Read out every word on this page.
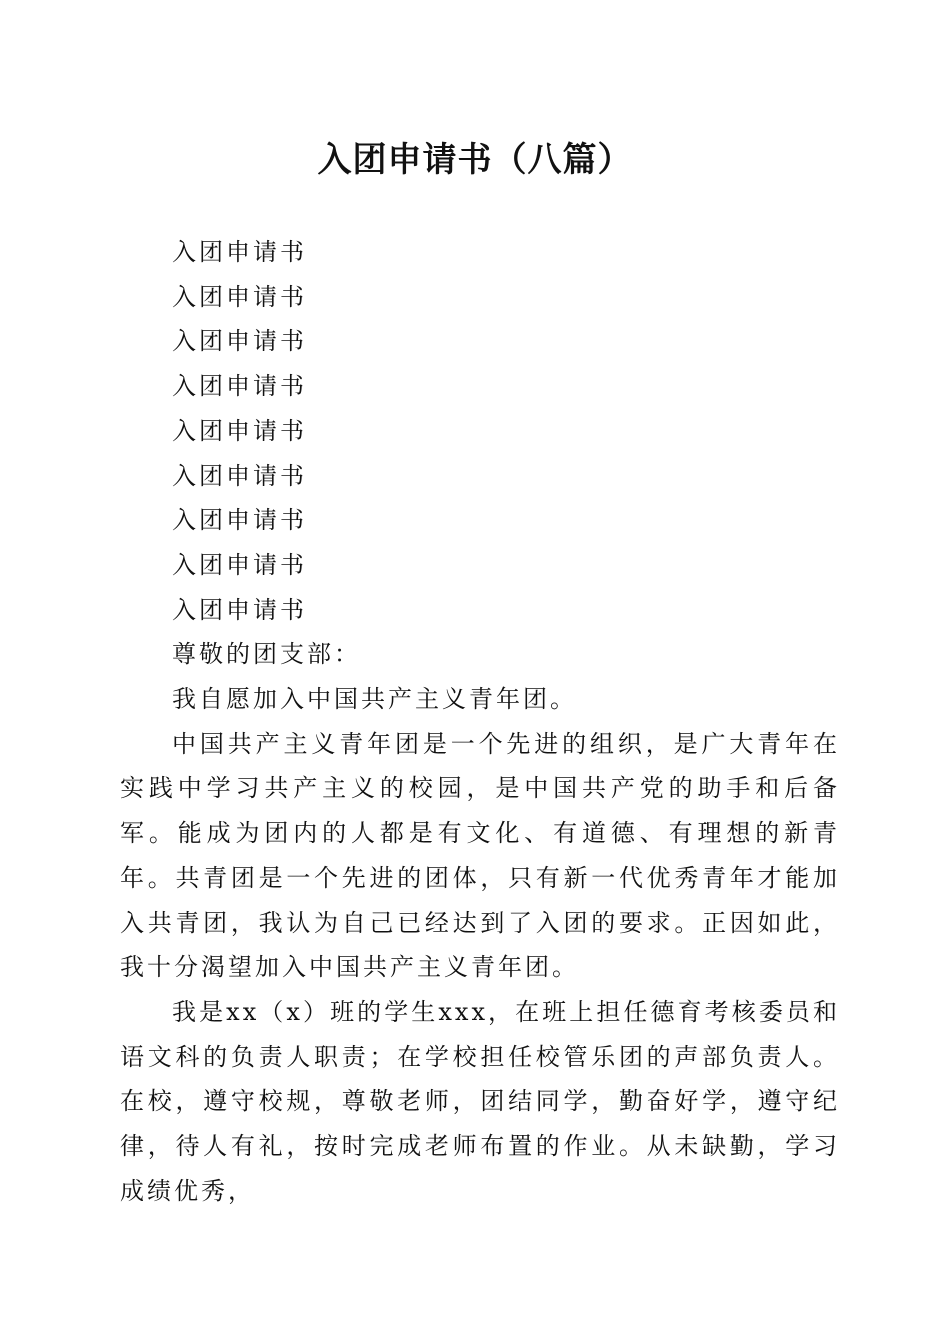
入团申请书（八篇）

入团申请书

入团申请书

入团申请书

入团申请书

入团申请书

入团申请书

入团申请书

入团申请书

入团申请书

尊敬的团支部：

我自愿加入中国共产主义青年团。

中国共产主义青年团是一个先进的组织，是广大青年在实践中学习共产主义的校园，是中国共产党的助手和后备军。能成为团内的人都是有文化、有道德、有理想的新青年。共青团是一个先进的团体，只有新一代优秀青年才能加入共青团，我认为自己已经达到了入团的要求。正因如此，我十分渴望加入中国共产主义青年团。

我是xx（x）班的学生xxx，在班上担任德育考核委员和语文科的负责人职责；在学校担任校管乐团的声部负责人。在校，遵守校规，尊敬老师，团结同学，勤奋好学，遵守纪律，待人有礼，按时完成老师布置的作业。从未缺勤，学习成绩优秀，
